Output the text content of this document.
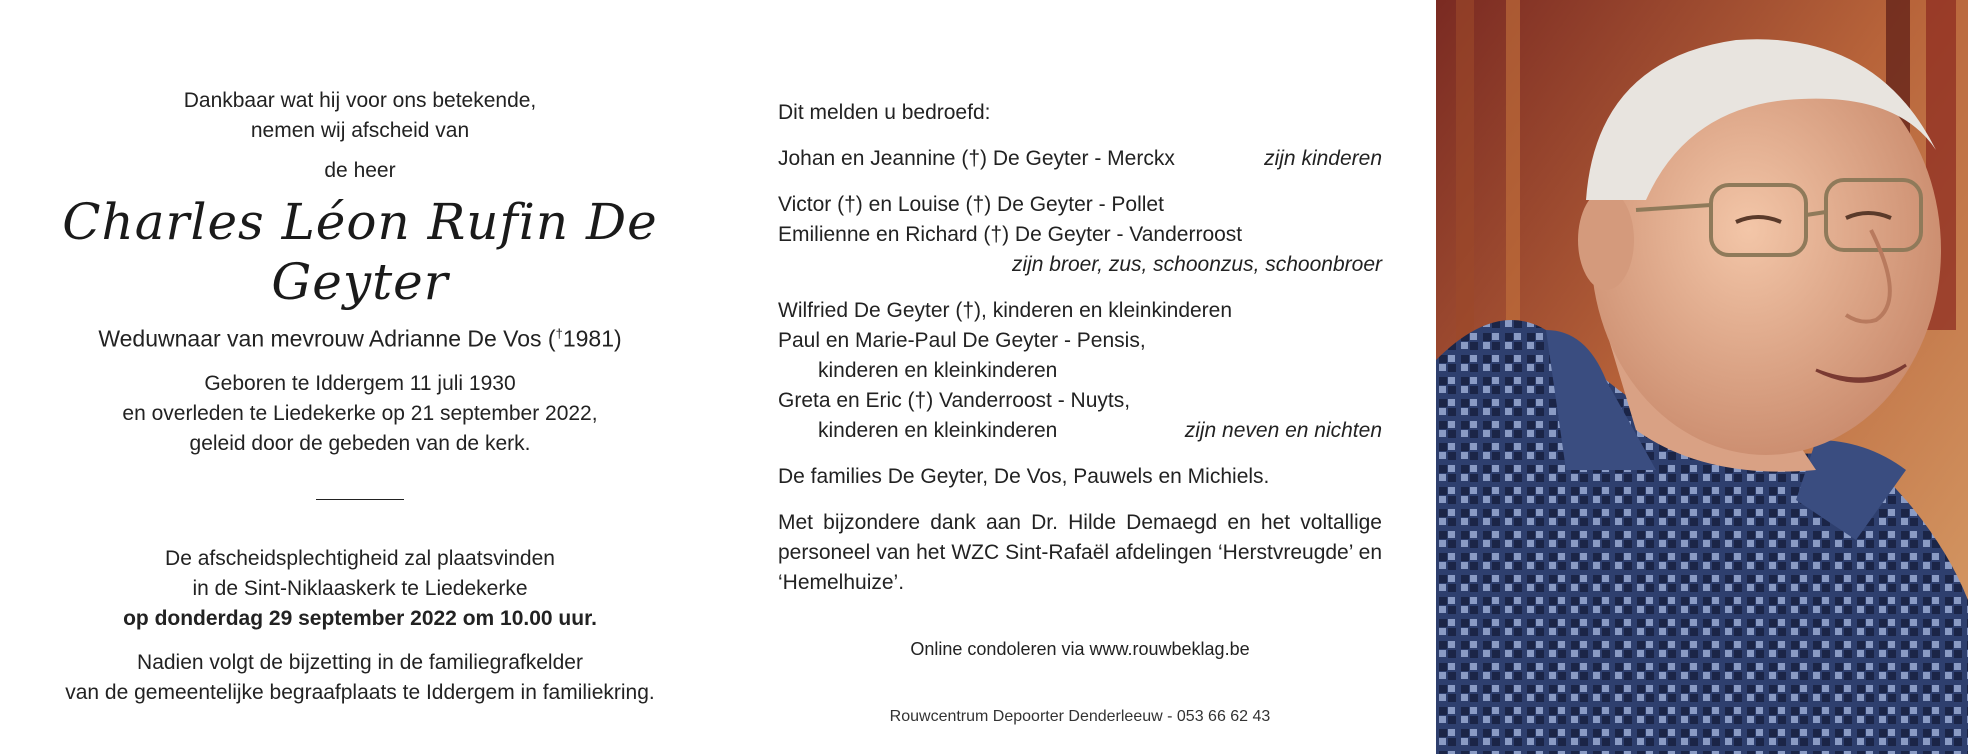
Dankbaar wat hij voor ons betekende,
nemen wij afscheid van
de heer
Charles Léon Rufin De Geyter
Weduwnaar van mevrouw Adrianne De Vos (†1981)
Geboren te Iddergem 11 juli 1930
en overleden te Liedekerke op 21 september 2022,
geleid door de gebeden van de kerk.
De afscheidsplechtigheid zal plaatsvinden
in de Sint-Niklaaskerk te Liedekerke
op donderdag 29 september 2022 om 10.00 uur.
Nadien volgt de bijzetting in de familiegrafkelder
van de gemeentelijke begraafplaats te Iddergem in familiekring.
Dit melden u bedroefd:
Johan en Jeannine (†) De Geyter - Merckx	zijn kinderen
Victor (†) en Louise (†) De Geyter - Pollet
Emilienne en Richard (†) De Geyter - Vanderroost
zijn broer, zus, schoonzus, schoonbroer
Wilfried De Geyter (†), kinderen en kleinkinderen
Paul en Marie-Paul De Geyter - Pensis,
kinderen en kleinkinderen
Greta en Eric (†) Vanderroost - Nuyts,
kinderen en kleinkinderen	zijn neven en nichten
De families De Geyter, De Vos, Pauwels en Michiels.
Met bijzondere dank aan Dr. Hilde Demaegd en het voltallige personeel van het WZC Sint-Rafaël afdelingen ‘Herstvreugde’ en ‘Hemelhuize’.
Online condoleren via www.rouwbeklag.be
Rouwcentrum Depoorter Denderleeuw - 053 66 62 43
